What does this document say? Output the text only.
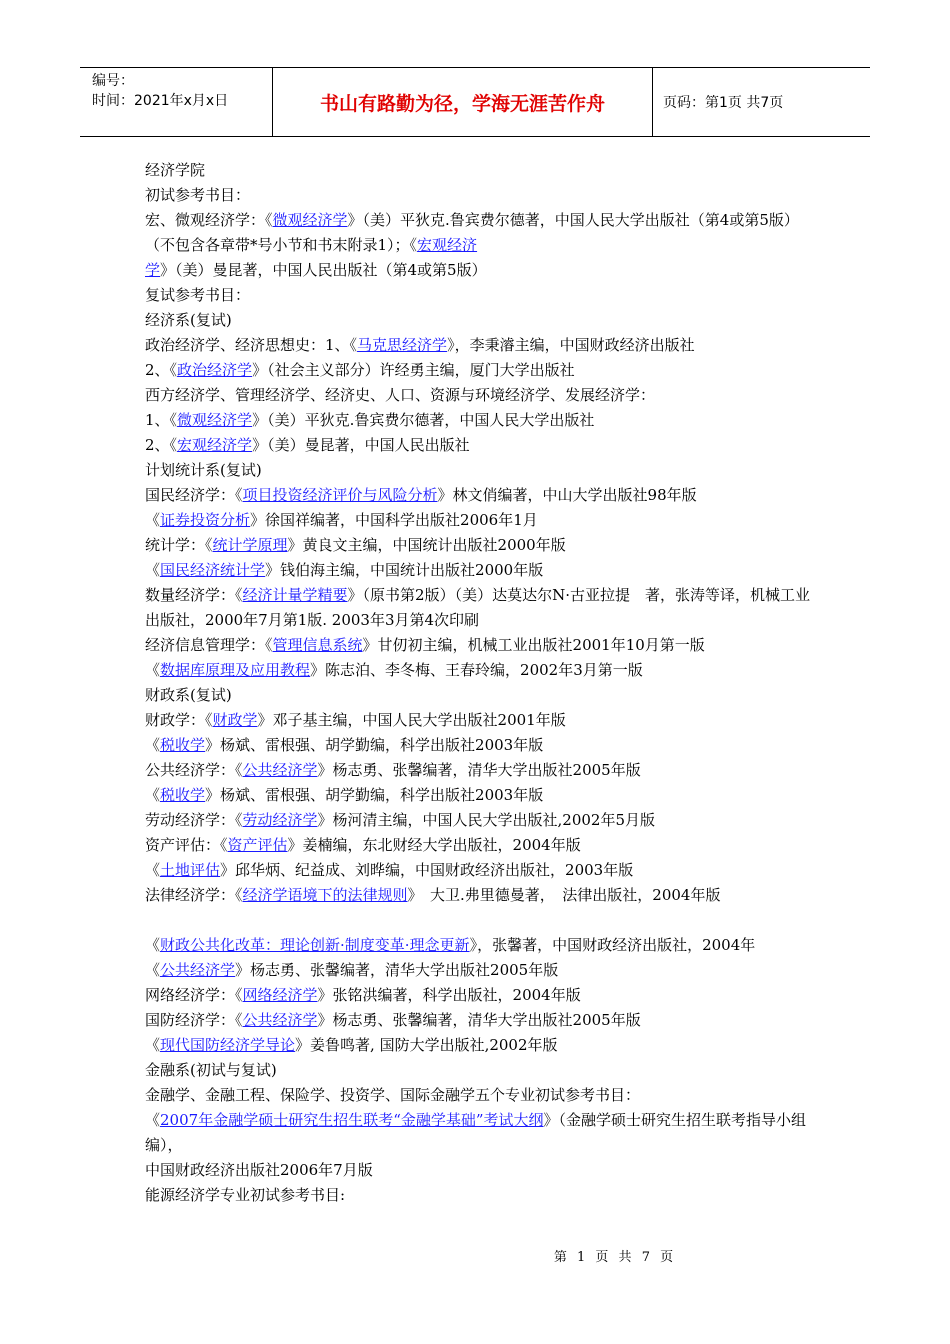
编号：
时间：2021年x月x日	书山有路勤为径，学海无涯苦作舟	页码：第1页 共7页
经济学院
初试参考书目：
宏、微观经济学：《微观经济学》（美）平狄克.鲁宾费尔德著，中国人民大学出版社（第4或第5版）（不包含各章带*号小节和书末附录1）；《宏观经济学》（美）曼昆著，中国人民出版社（第4或第5版）
复试参考书目：
经济系(复试)
政治经济学、经济思想史：1、《马克思经济学》，李秉濬主编，中国财政经济出版社
2、《政治经济学》（社会主义部分）许经勇主编，厦门大学出版社
西方经济学、管理经济学、经济史、人口、资源与环境经济学、发展经济学：
1、《微观经济学》（美）平狄克.鲁宾费尔德著，中国人民大学出版社
2、《宏观经济学》（美）曼昆著，中国人民出版社
计划统计系(复试)
国民经济学：《项目投资经济评价与风险分析》林文俏编著，中山大学出版社98年版
《证券投资分析》徐国祥编著，中国科学出版社2006年1月
统计学：《统计学原理》黄良文主编，中国统计出版社2000年版
《国民经济统计学》钱伯海主编，中国统计出版社2000年版
数量经济学：《经济计量学精要》（原书第2版）（美）达莫达尔N·古亚拉提　著，张涛等译，机械工业出版社，2000年7月第1版. 2003年3月第4次印刷
经济信息管理学：《管理信息系统》甘仞初主编，机械工业出版社2001年10月第一版
《数据库原理及应用教程》陈志泊、李冬梅、王春玲编，2002年3月第一版
财政系(复试)
财政学：《财政学》邓子基主编，中国人民大学出版社2001年版
《税收学》杨斌、雷根强、胡学勤编，科学出版社2003年版
公共经济学：《公共经济学》杨志勇、张馨编著，清华大学出版社2005年版
《税收学》杨斌、雷根强、胡学勤编，科学出版社2003年版
劳动经济学：《劳动经济学》杨河清主编，中国人民大学出版社,2002年5月版
资产评估：《资产评估》姜楠编，东北财经大学出版社，2004年版
《土地评估》邱华炳、纪益成、刘晔编，中国财政经济出版社，2003年版
法律经济学：《经济学语境下的法律规则》　大卫.弗里德曼著，　法律出版社，2004年版
《财政公共化改革：理论创新·制度变革·理念更新》，张馨著，中国财政经济出版社，2004年
《公共经济学》杨志勇、张馨编著，清华大学出版社2005年版
网络经济学：《网络经济学》张铭洪编著，科学出版社，2004年版
国防经济学：《公共经济学》杨志勇、张馨编著，清华大学出版社2005年版
《现代国防经济学导论》姜鲁鸣著, 国防大学出版社,2002年版
金融系(初试与复试)
金融学、金融工程、保险学、投资学、国际金融学五个专业初试参考书目：
《2007年金融学硕士研究生招生联考“金融学基础”考试大纲》（金融学硕士研究生招生联考指导小组编），
中国财政经济出版社2006年7月版
能源经济学专业初试参考书目:
第 1 页 共 7 页
